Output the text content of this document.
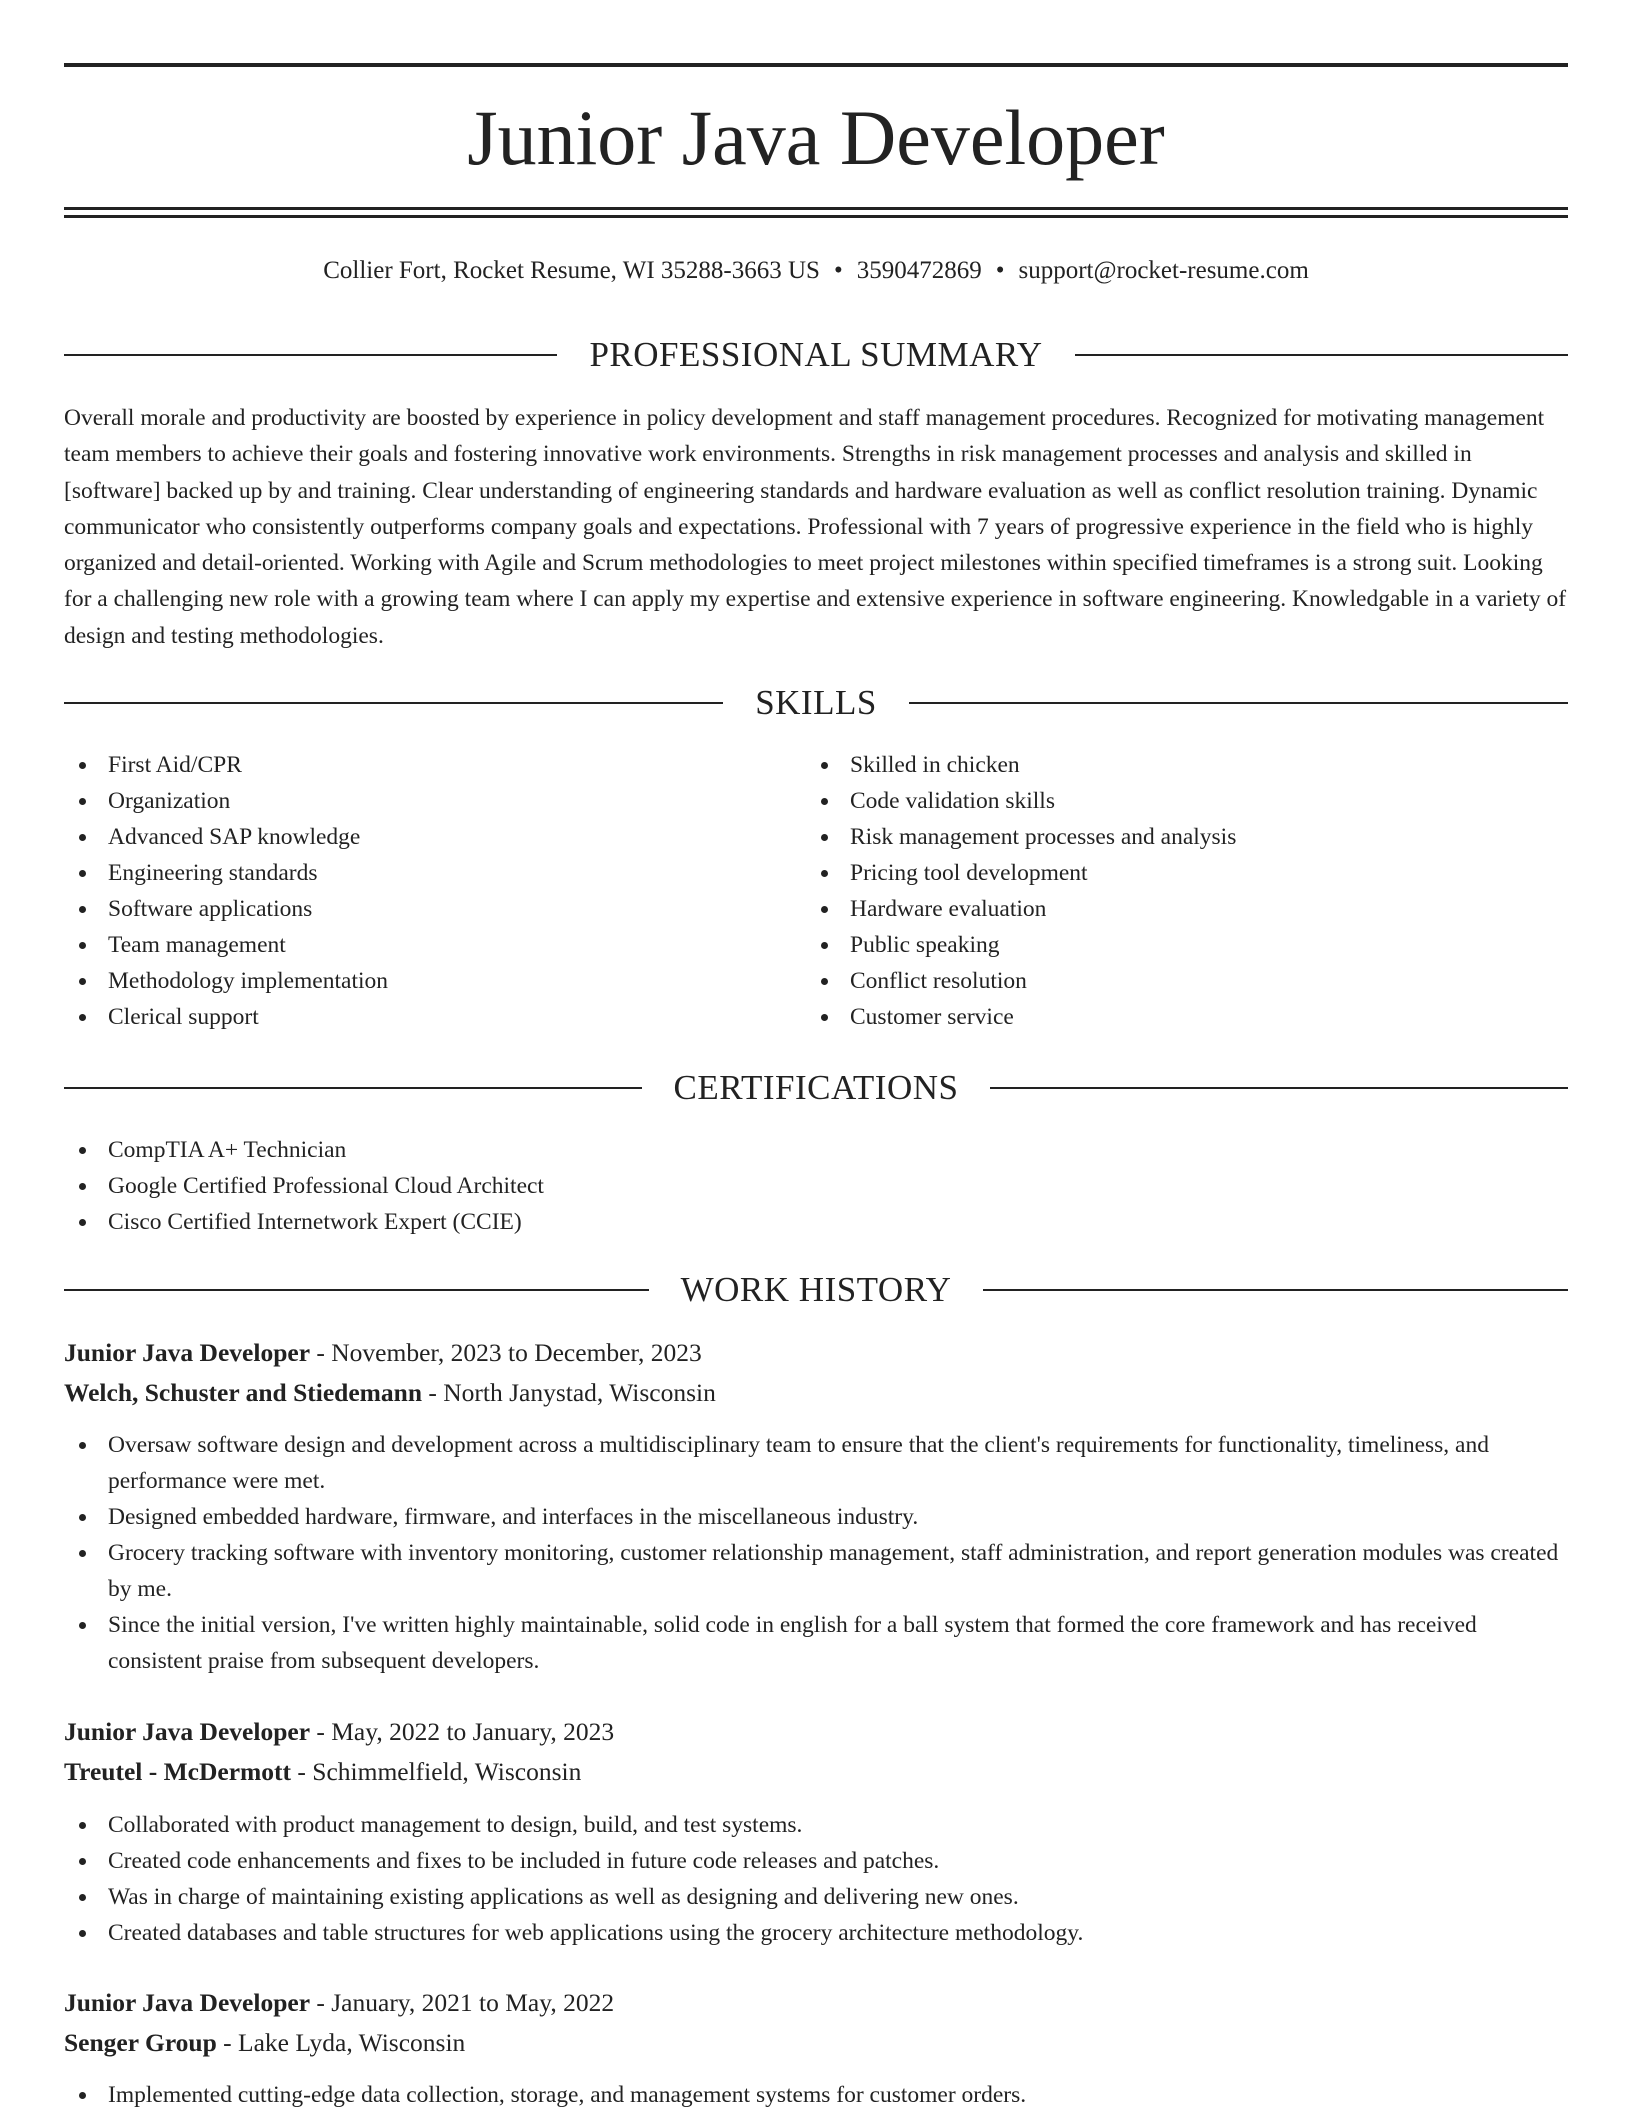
Junior Java Developer
Collier Fort, Rocket Resume, WI 35288-3663 US • 3590472869 • support@rocket-resume.com
PROFESSIONAL SUMMARY

Overall morale and productivity are boosted by experience in policy development and staff management procedures. Recognized for motivating management team members to achieve their goals and fostering innovative work environments. Strengths in risk management processes and analysis and skilled in [software] backed up by and training. Clear understanding of engineering standards and hardware evaluation as well as conflict resolution training. Dynamic communicator who consistently outperforms company goals and expectations. Professional with 7 years of progressive experience in the field who is highly organized and detail-oriented. Working with Agile and Scrum methodologies to meet project milestones within specified timeframes is a strong suit. Looking for a challenging new role with a growing team where I can apply my expertise and extensive experience in software engineering. Knowledgable in a variety of design and testing methodologies.

SKILLS
First Aid/CPR
Organization
Advanced SAP knowledge
Engineering standards
Software applications
Team management
Methodology implementation
Clerical support
Skilled in chicken
Code validation skills
Risk management processes and analysis
Pricing tool development
Hardware evaluation
Public speaking
Conflict resolution
Customer service
CERTIFICATIONS
CompTIA A+ Technician
Google Certified Professional Cloud Architect
Cisco Certified Internetwork Expert (CCIE)
WORK HISTORY
Junior Java Developer - November, 2023 to December, 2023
Welch, Schuster and Stiedemann - North Janystad, Wisconsin
Oversaw software design and development across a multidisciplinary team to ensure that the client's requirements for functionality, timeliness, and performance were met.
Designed embedded hardware, firmware, and interfaces in the miscellaneous industry.
Grocery tracking software with inventory monitoring, customer relationship management, staff administration, and report generation modules was created by me.
Since the initial version, I've written highly maintainable, solid code in english for a ball system that formed the core framework and has received consistent praise from subsequent developers.
Junior Java Developer - May, 2022 to January, 2023
Treutel - McDermott - Schimmelfield, Wisconsin
Collaborated with product management to design, build, and test systems.
Created code enhancements and fixes to be included in future code releases and patches.
Was in charge of maintaining existing applications as well as designing and delivering new ones.
Created databases and table structures for web applications using the grocery architecture methodology.
Junior Java Developer - January, 2021 to May, 2022
Senger Group - Lake Lyda, Wisconsin
Implemented cutting-edge data collection, storage, and management systems for customer orders.
